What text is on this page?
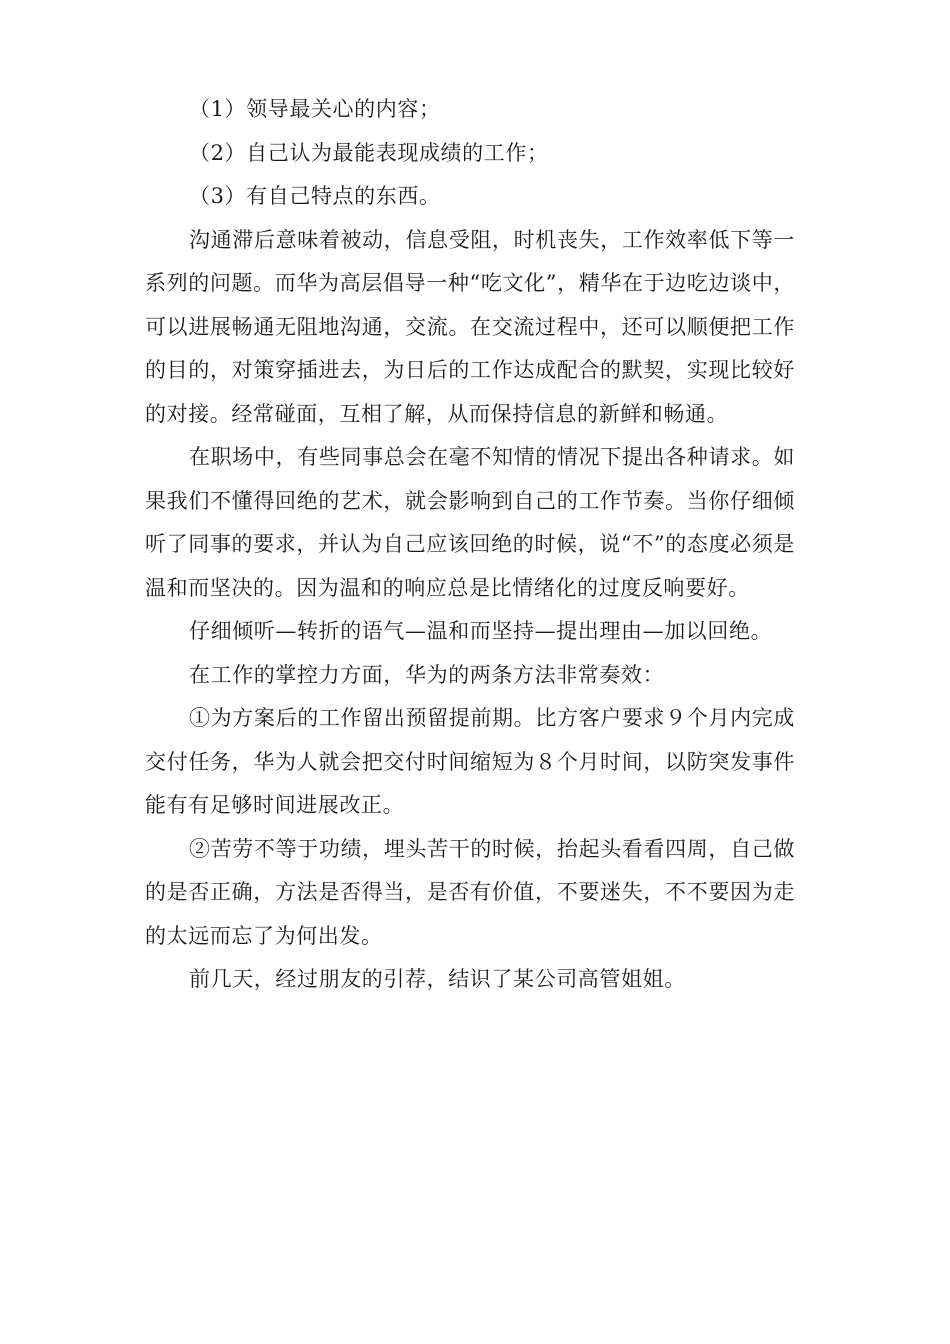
（1）领导最关心的内容；

（2）自己认为最能表现成绩的工作；

（3）有自己特点的东西。

沟通滞后意味着被动，信息受阻，时机丧失，工作效率低下等一系列的问题。而华为高层倡导一种“吃文化”，精华在于边吃边谈中，可以进展畅通无阻地沟通，交流。在交流过程中，还可以顺便把工作的目的，对策穿插进去，为日后的工作达成配合的默契，实现比较好的对接。经常碰面，互相了解，从而保持信息的新鲜和畅通。

在职场中，有些同事总会在毫不知情的情况下提出各种请求。如果我们不懂得回绝的艺术，就会影响到自己的工作节奏。当你仔细倾听了同事的要求，并认为自己应该回绝的时候，说“不”的态度必须是温和而坚决的。因为温和的响应总是比情绪化的过度反响要好。

仔细倾听—转折的语气—温和而坚持—提出理由—加以回绝。

在工作的掌控力方面，华为的两条方法非常奏效：

①为方案后的工作留出预留提前期。比方客户要求９个月内完成交付任务，华为人就会把交付时间缩短为８个月时间，以防突发事件能有有足够时间进展改正。

②苦劳不等于功绩，埋头苦干的时候，抬起头看看四周，自己做的是否正确，方法是否得当，是否有价值，不要迷失，不不要因为走的太远而忘了为何出发。

前几天，经过朋友的引荐，结识了某公司高管姐姐。
